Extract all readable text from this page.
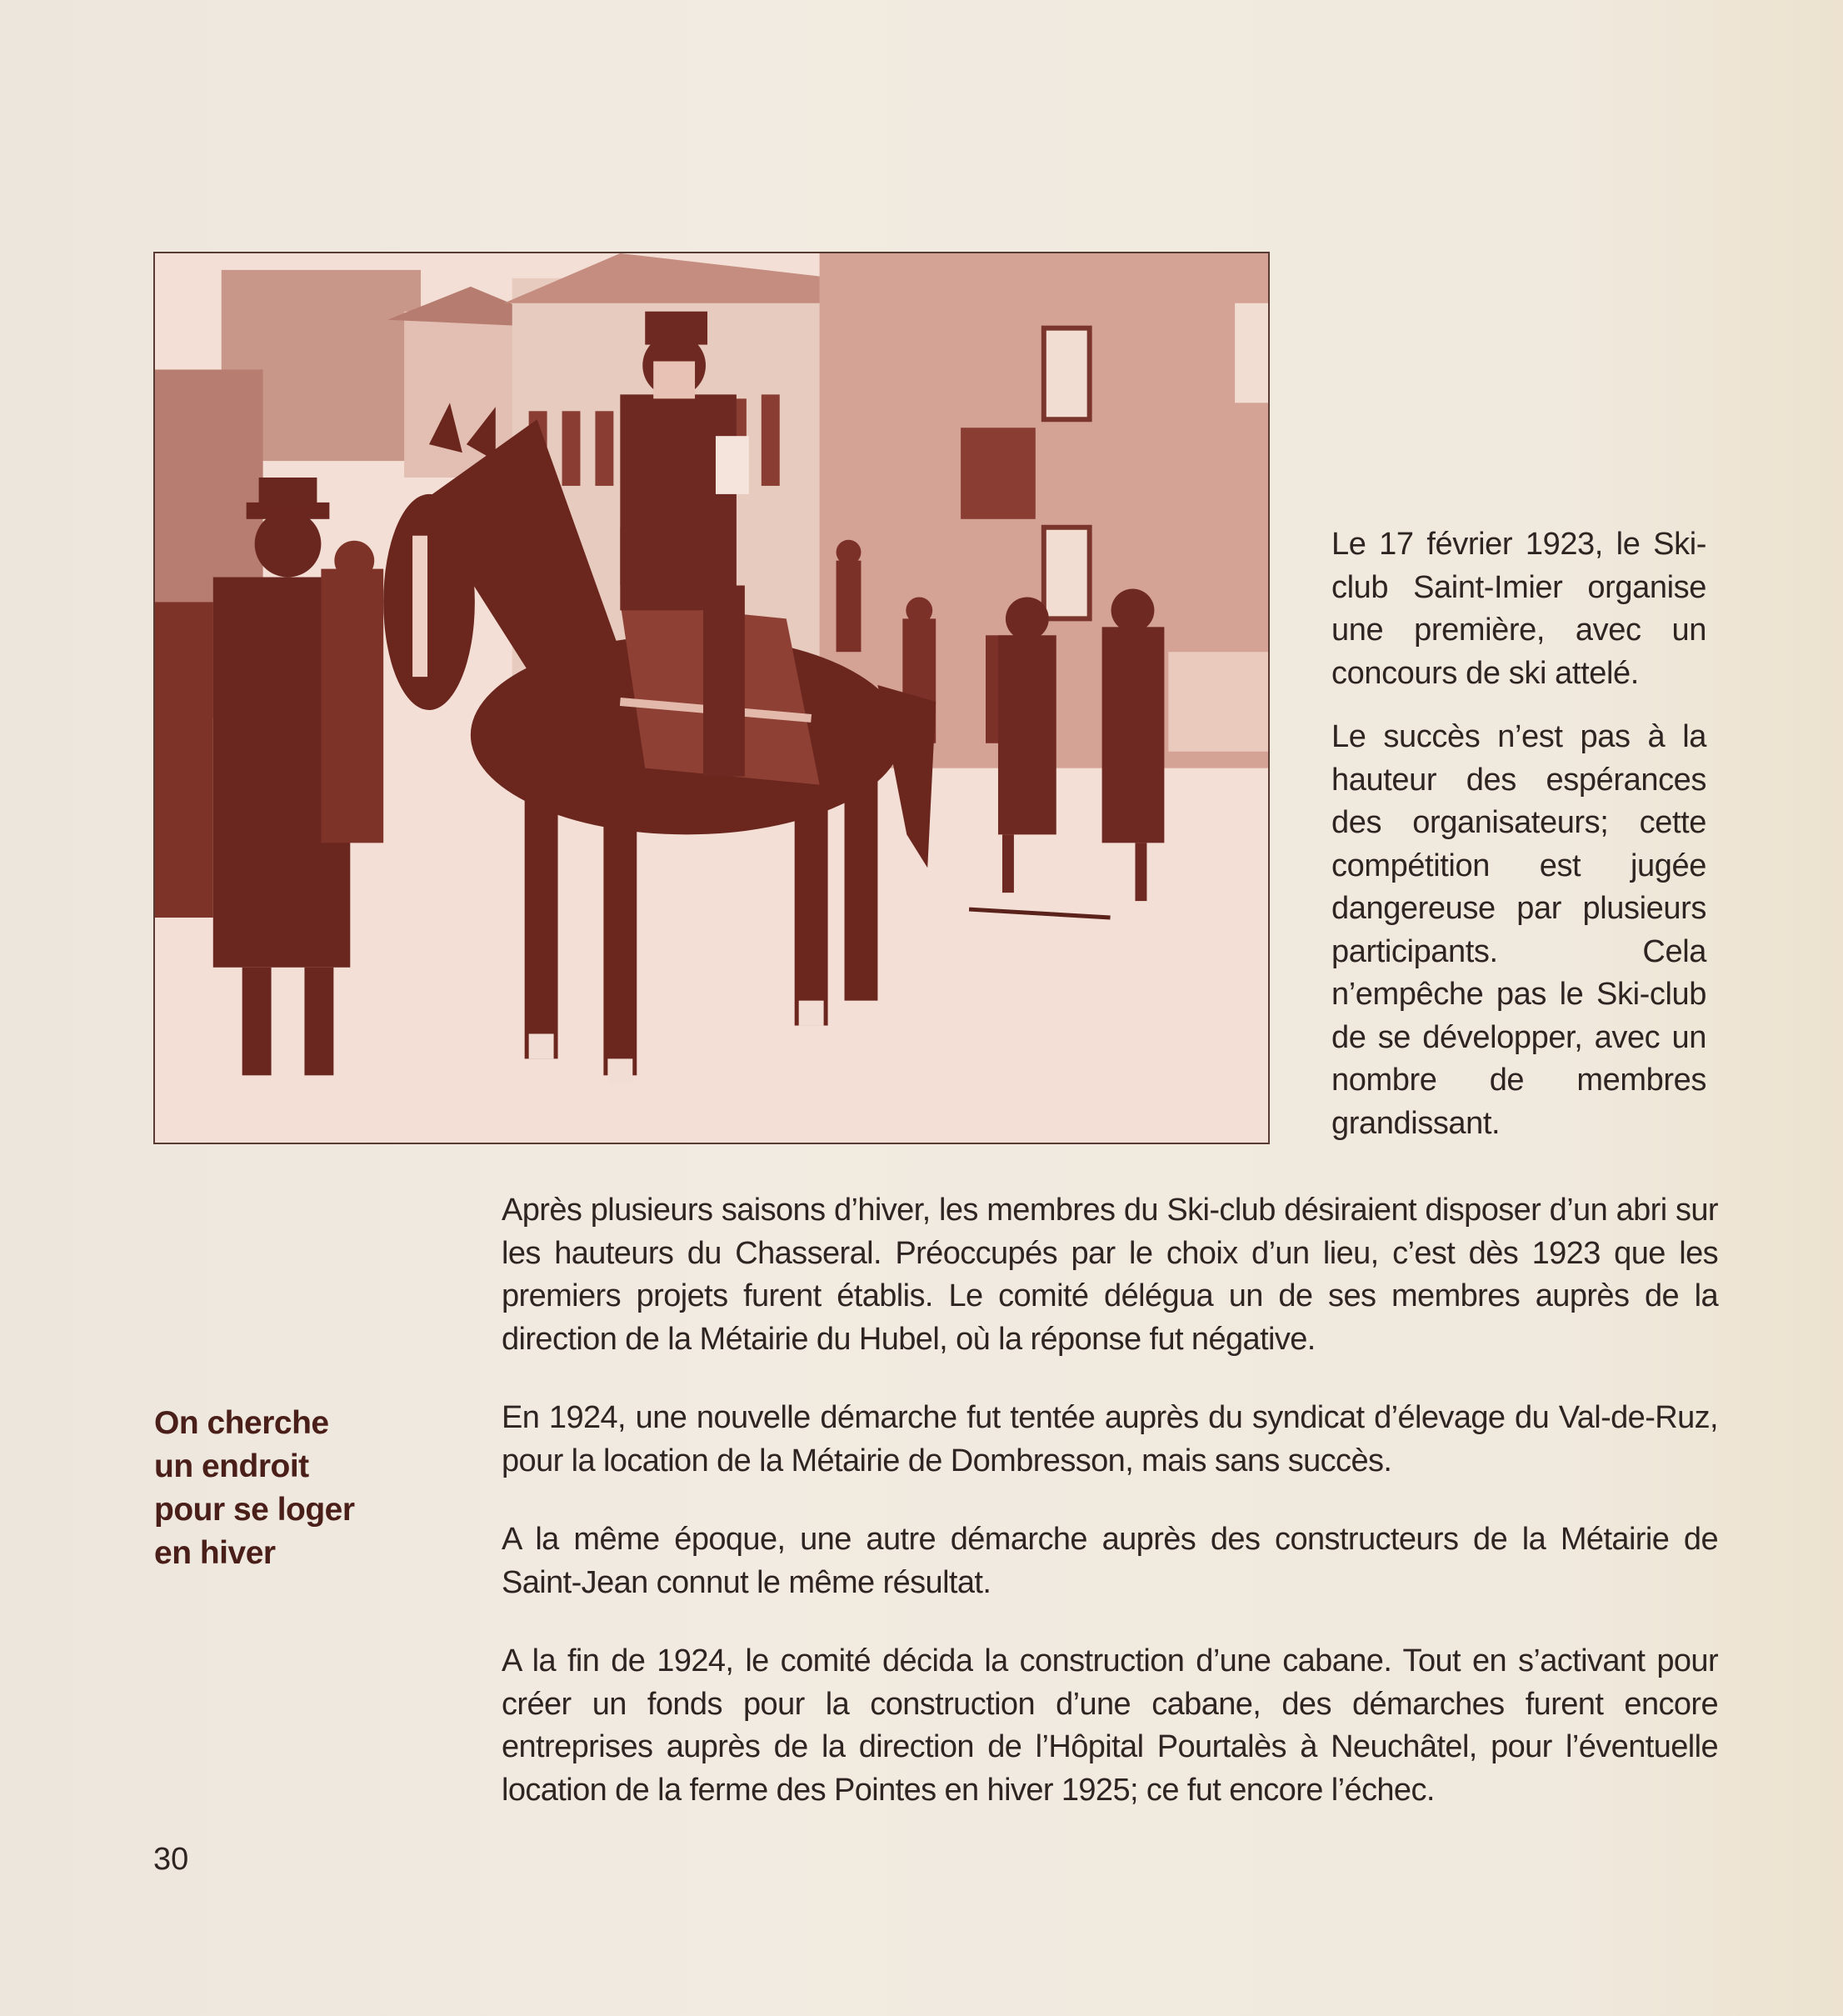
Le 17 février 1923, le Ski-club Saint-Imier organise une première, avec un concours de ski attelé.

Le succès n’est pas à la hauteur des espérances des organisateurs; cette compétition est jugée dangereuse par plusieurs participants. Cela n’empêche pas le Ski-club de se développer, avec un nombre de membres grandissant.

Après plusieurs saisons d’hiver, les membres du Ski-club désiraient disposer d’un abri sur les hauteurs du Chasseral. Préoccupés par le choix d’un lieu, c’est dès 1923 que les premiers projets furent établis. Le comité délégua un de ses membres auprès de la direction de la Métairie du Hubel, où la réponse fut négative.

En 1924, une nouvelle démarche fut tentée auprès du syndicat d’élevage du Val-de-Ruz, pour la location de la Métairie de Dombresson, mais sans succès.

A la même époque, une autre démarche auprès des constructeurs de la Métairie de Saint-Jean connut le même résultat.

A la fin de 1924, le comité décida la construction d’une cabane. Tout en s’activant pour créer un fonds pour la construction d’une cabane, des démarches furent encore entreprises auprès de la direction de l’Hôpital Pourtalès à Neuchâtel, pour l’éventuelle location de la ferme des Pointes en hiver 1925; ce fut encore l’échec.

On cherche
un endroit
pour se loger
en hiver
30
